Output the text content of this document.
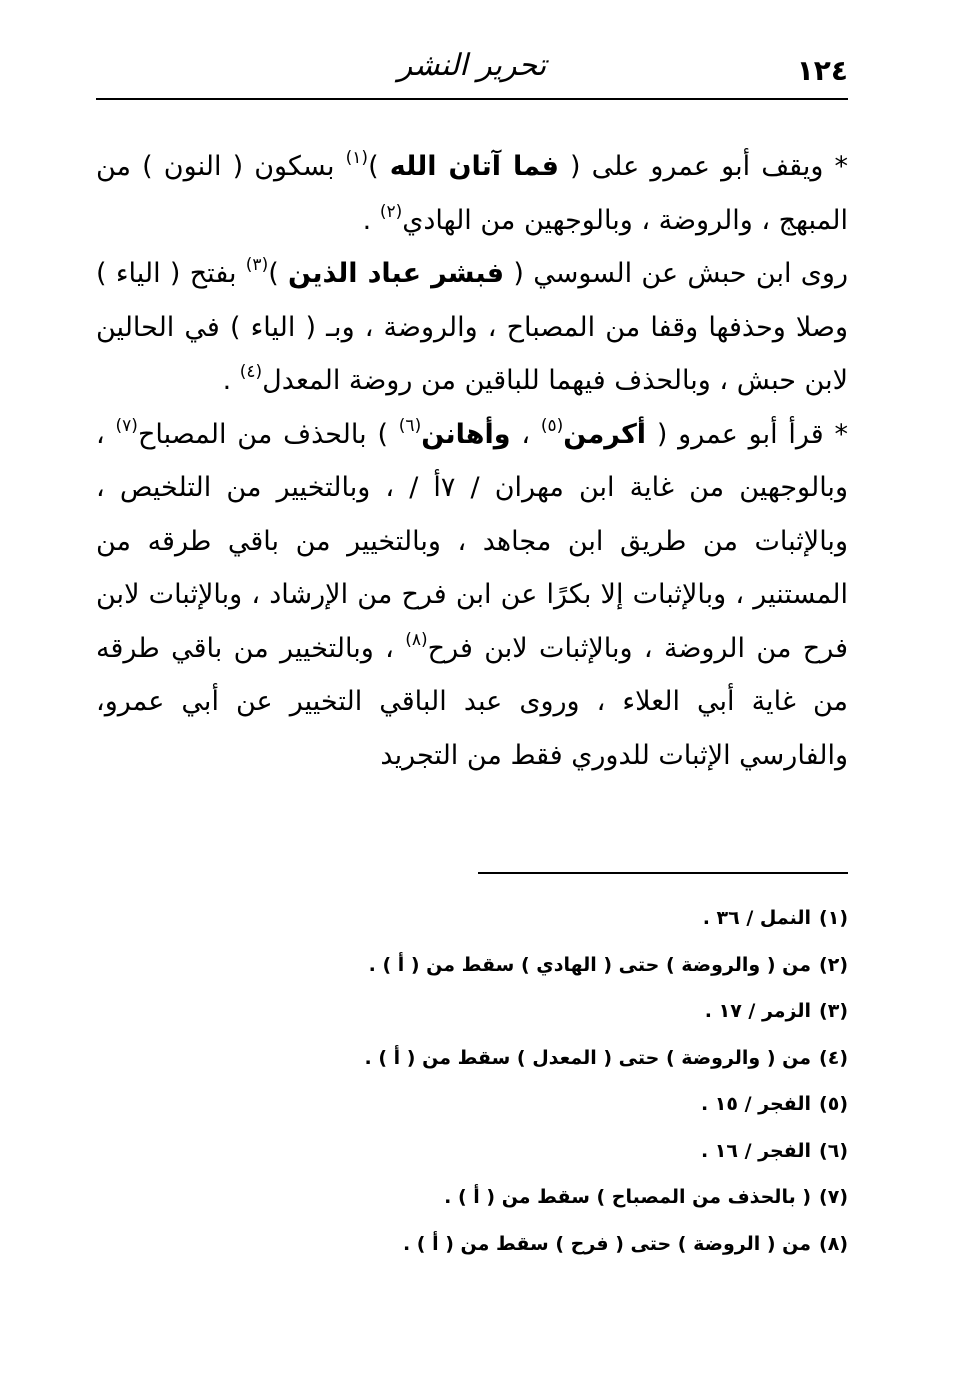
١٢٤
تحرير النشر

* ويقف أبو عمرو على ( فما آتان الله )$^{(١)}$ بسكون ( النون ) من المبهج ، والروضة ، وبالوجهين من الهادي$^{(٢)}$ .

روى ابن حبش عن السوسي ( فبشر عباد الذين )$^{(٣)}$ بفتح ( الياء ) وصلا وحذفها وقفا من المصباح ، والروضة ، وبـ ( الياء ) في الحالين لابن حبش ، وبالحذف فيهما للباقين من روضة المعدل$^{(٤)}$ .

* قرأ أبو عمرو ( أكرمن$^{(٥)}$ ، وأهانن$^{(٦)}$ ) بالحذف من المصباح$^{(٧)}$ ، وبالوجهين من غاية ابن مهران / ٧أ / ، وبالتخيير من التلخيص ، وبالإثبات من طريق ابن مجاهد ، وبالتخيير من باقي طرقه من المستنير ، وبالإثبات إلا بكرًا عن ابن فرح من الإرشاد ، وبالإثبات لابن فرح من الروضة ، وبالإثبات لابن فرح$^{(٨)}$ ، وبالتخيير من باقي طرقه من غاية أبي العلاء ، وروى عبد الباقي التخيير عن أبي عمرو، والفارسي الإثبات للدوري فقط من التجريد

(١)النمل / ٣٦ .
(٢)من ( والروضة ) حتى ( الهادي ) سقط من ( أ ) .
(٣)الزمر / ١٧ .
(٤)من ( والروضة ) حتى ( المعدل ) سقط من ( أ ) .
(٥)الفجر / ١٥ .
(٦)الفجر / ١٦ .
(٧)( بالحذف من المصباح ) سقط من ( أ ) .
(٨)من ( الروضة ) حتى ( فرح ) سقط من ( أ ) .
